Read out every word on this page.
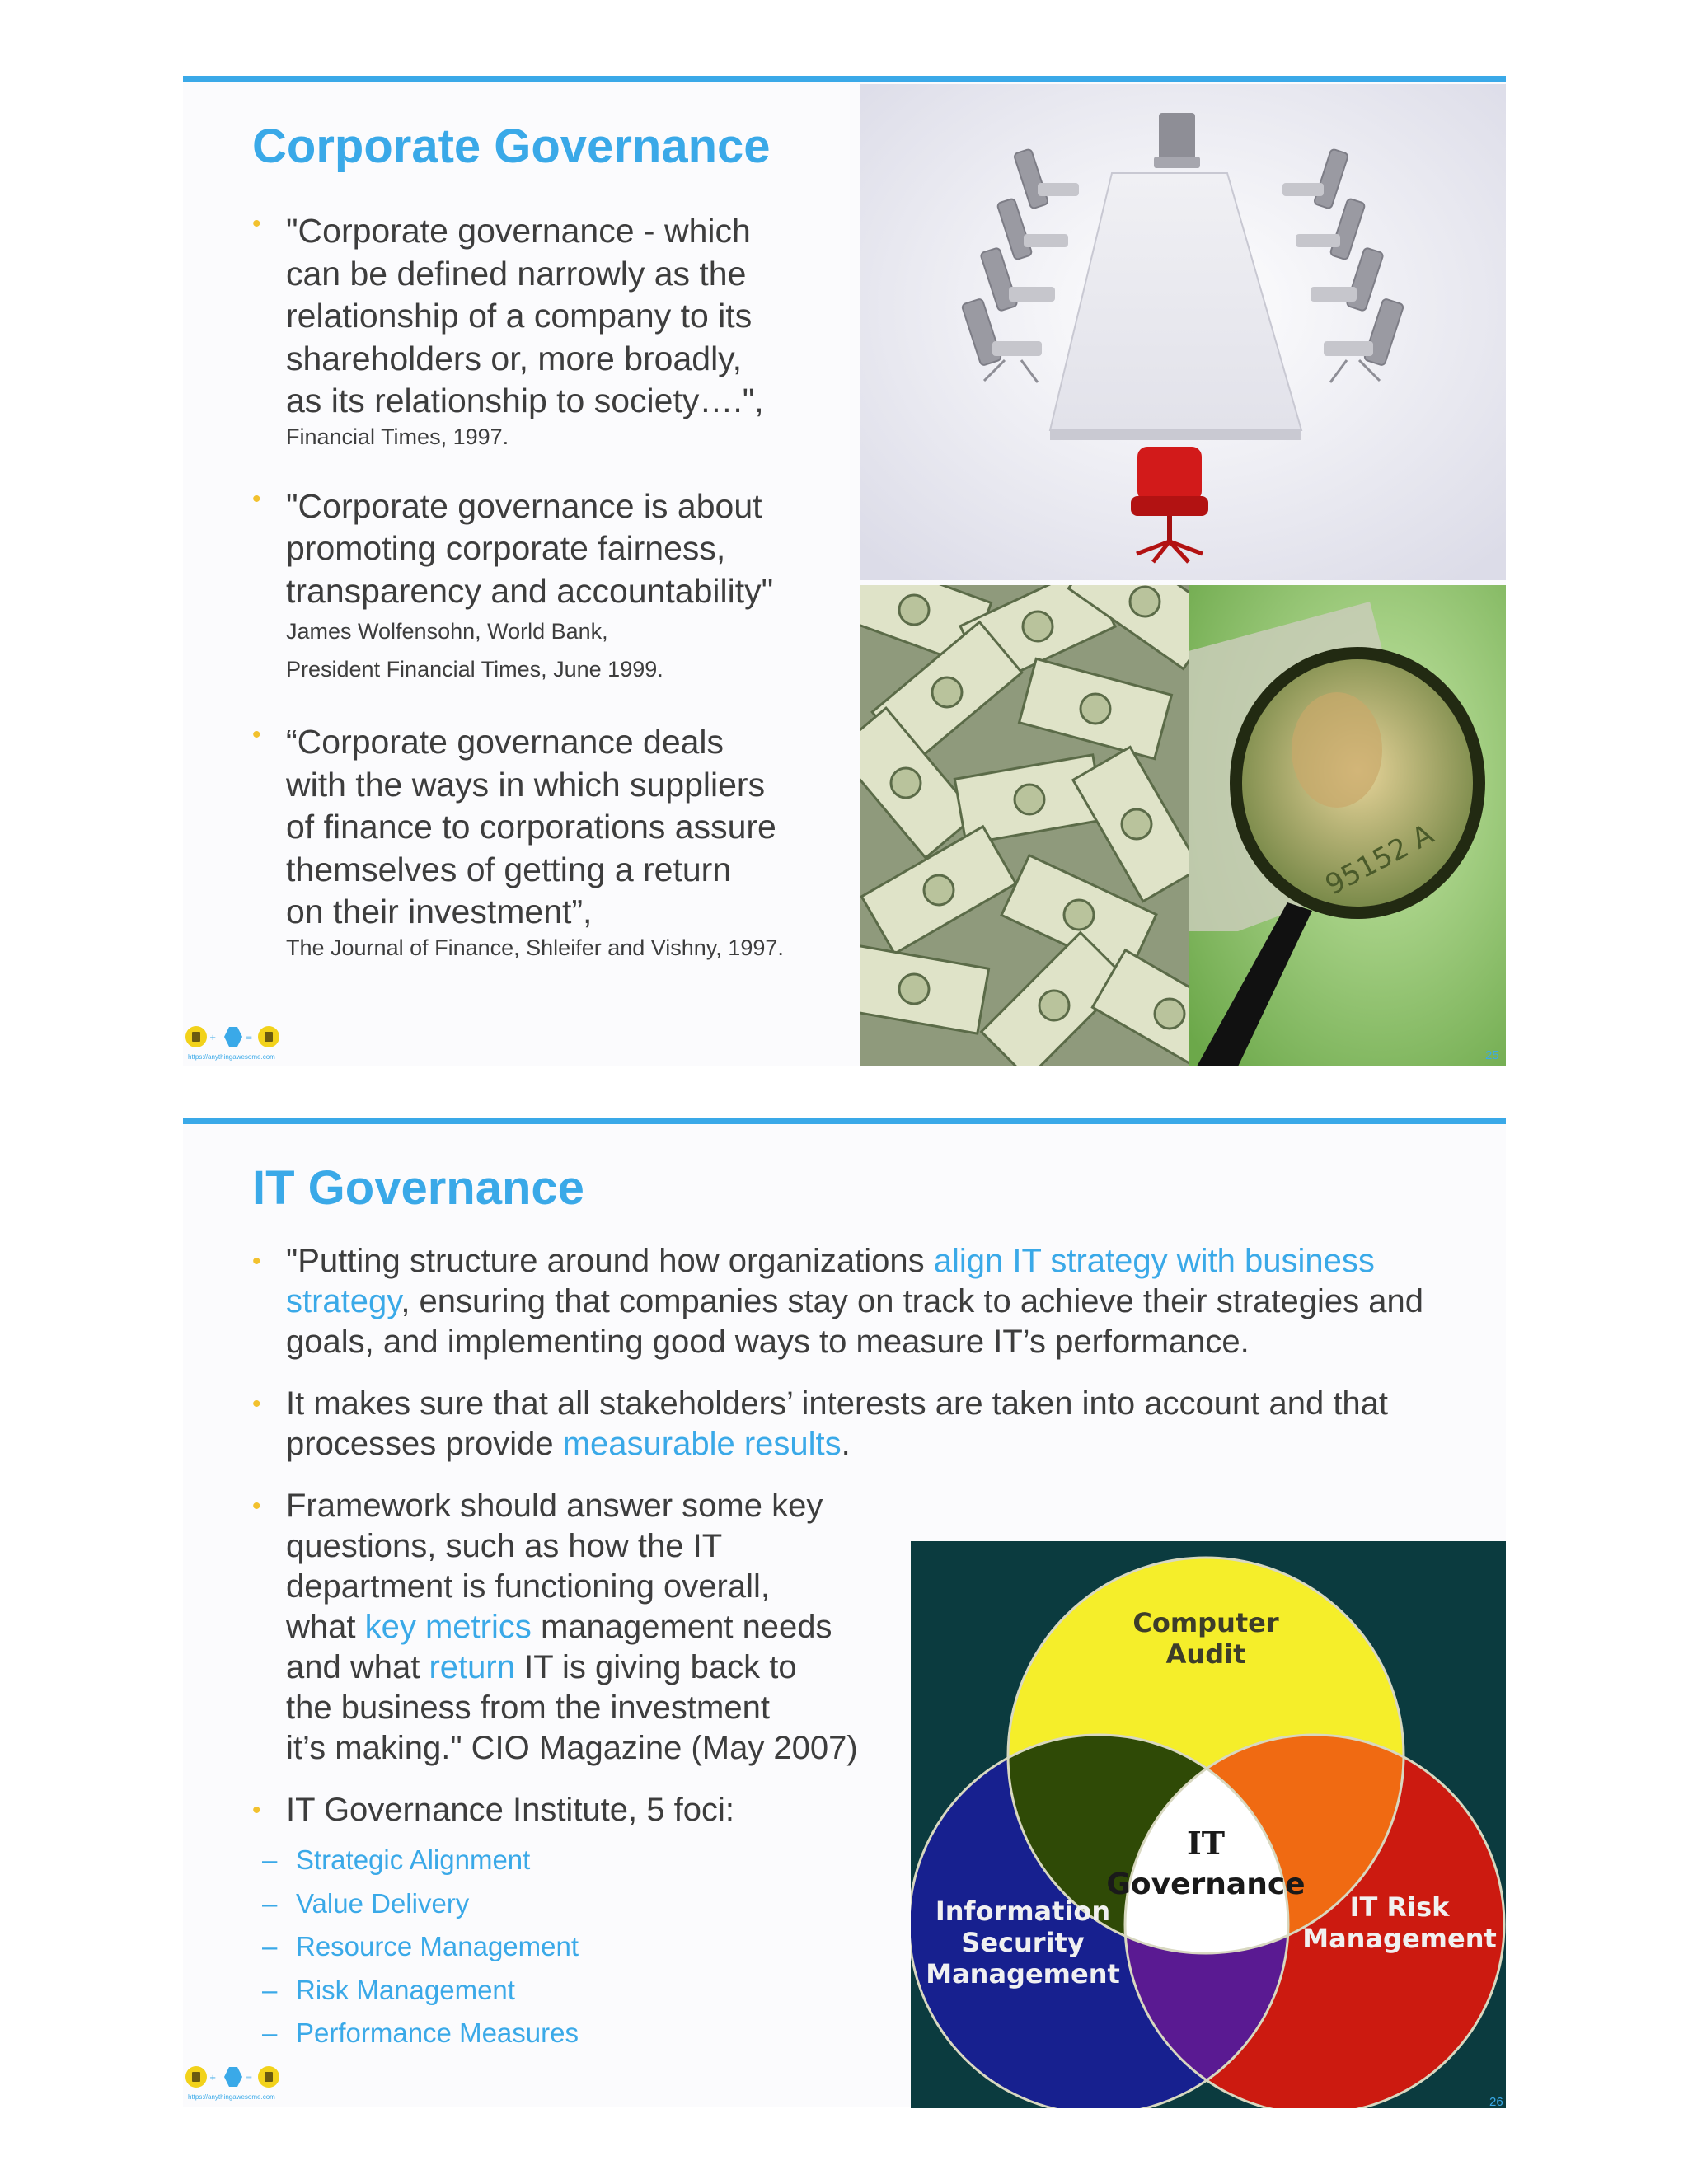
Corporate Governance
• "Corporate governance - which
can be defined narrowly as the
relationship of a company to its
shareholders or, more broadly,
as its relationship to society….",
Financial Times, 1997.
• "Corporate governance is about
promoting corporate fairness,
transparency and accountability"
James Wolfensohn, World Bank,
President Financial Times, June 1999.
• “Corporate governance deals
with the ways in which suppliers
of finance to corporations assure
themselves of getting a return
on their investment”,
The Journal of Finance, Shleifer and Vishny, 1997.
95152 A
+	=
https://anythingawesome.com	25
IT Governance
• "Putting structure around how organizations align IT strategy with business strategy, ensuring that companies stay on track to achieve their strategies and goals, and implementing good ways to measure IT’s performance.
• It makes sure that all stakeholders’ interests are taken into account and that processes provide measurable results.
• Framework should answer some key
questions, such as how the IT
department is functioning overall,
what key metrics management needs
and what return IT is giving back to
the business from the investment
it’s making." CIO Magazine (May 2007)
• IT Governance Institute, 5 foci:
– Strategic Alignment
– Value Delivery
– Resource Management
– Risk Management
– Performance Measures
Computer
Audit
Information
Security
Management
IT Risk
Management
IT
Governance
+	=
https://anythingawesome.com	26
